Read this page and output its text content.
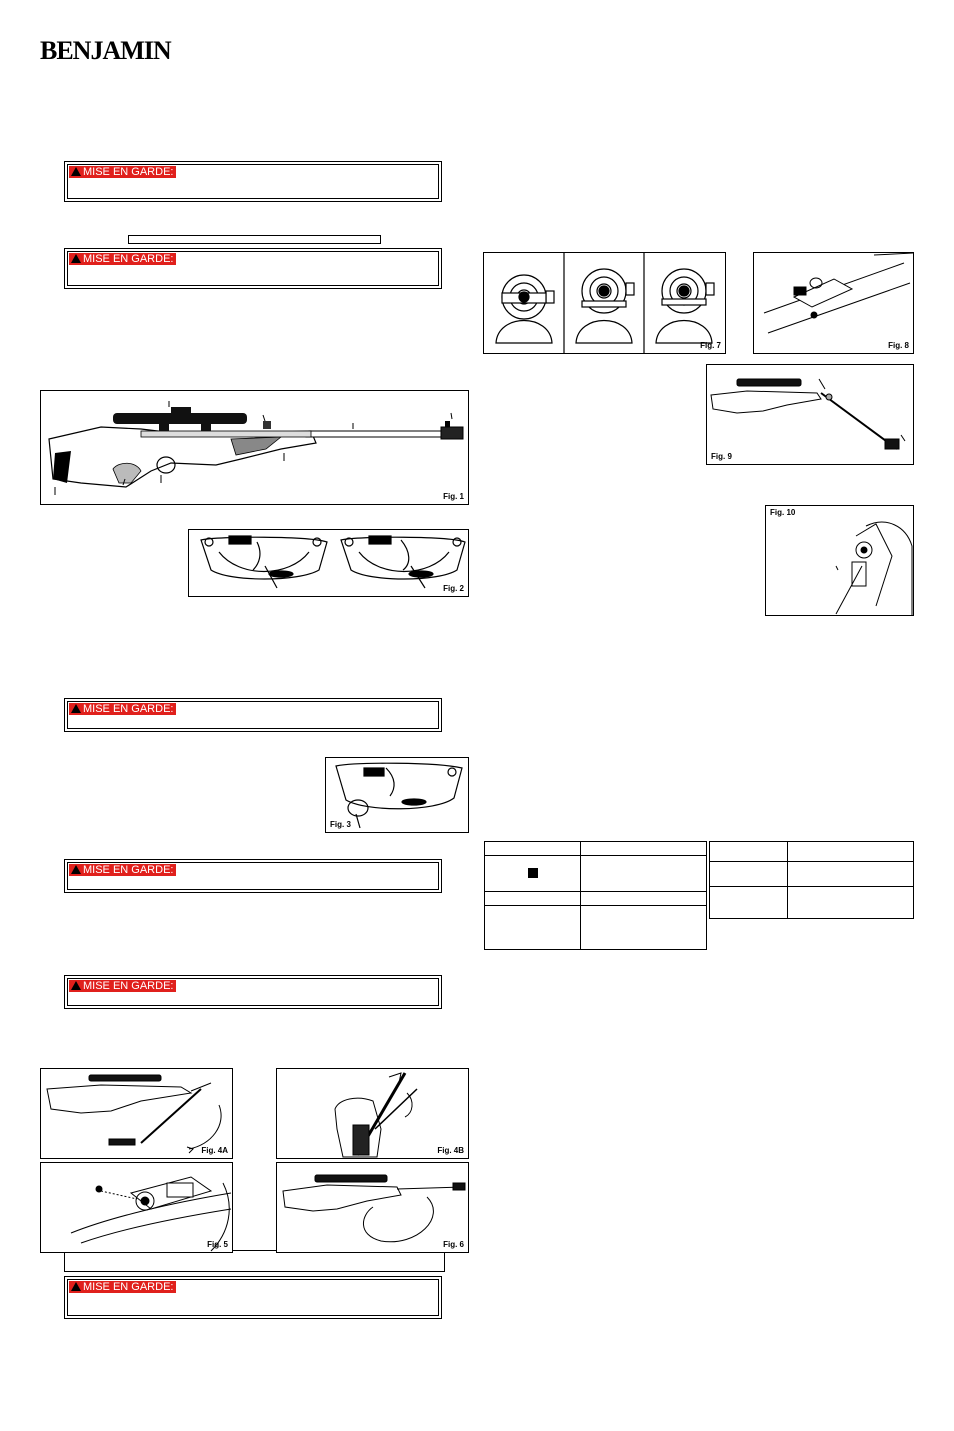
BENJAMIN
MISE EN GARDE:
MISE EN GARDE:
MISE EN GARDE:
MISE EN GARDE:
MISE EN GARDE:
MISE EN GARDE:
Fig. 1
Fig. 2
Fig. 3
Fig. 4A	Fig. 4B
Fig. 5	Fig. 6
Fig. 7	Fig. 8
Fig. 9
Fig. 10
